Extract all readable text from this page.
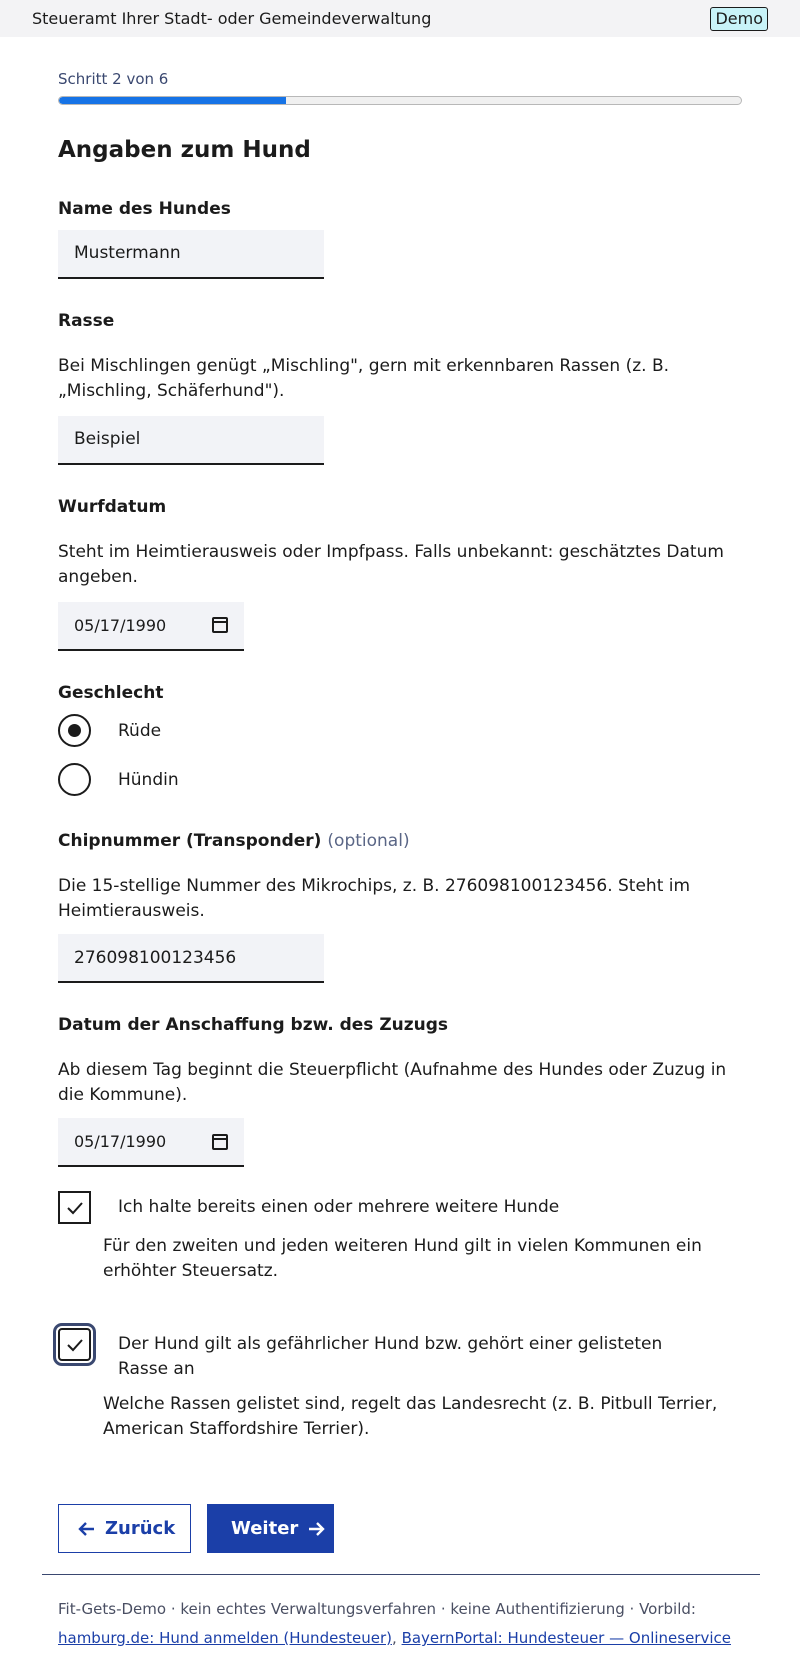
Steueramt Ihrer Stadt- oder Gemeindeverwaltung	Demo
Schritt 2 von 6
Angaben zum Hund
Name des Hundes
Mustermann
Rasse
Bei Mischlingen genügt „Mischling", gern mit erkennbaren Rassen (z. B. „Mischling, Schäferhund").
Beispiel
Wurfdatum
Steht im Heimtierausweis oder Impfpass. Falls unbekannt: geschätztes Datum angeben.
05/17/1990
Geschlecht
Rüde
Hündin
Chipnummer (Transponder) (optional)
Die 15-stellige Nummer des Mikrochips, z. B. 276098100123456. Steht im Heimtierausweis.
276098100123456
Datum der Anschaffung bzw. des Zuzugs
Ab diesem Tag beginnt die Steuerpflicht (Aufnahme des Hundes oder Zuzug in die Kommune).
05/17/1990
Ich halte bereits einen oder mehrere weitere Hunde
Für den zweiten und jeden weiteren Hund gilt in vielen Kommunen ein erhöhter Steuersatz.
Der Hund gilt als gefährlicher Hund bzw. gehört einer gelisteten Rasse an
Welche Rassen gelistet sind, regelt das Landesrecht (z. B. Pitbull Terrier, American Staffordshire Terrier).
Zurück	Weiter
Fit-Gets-Demo · kein echtes Verwaltungsverfahren · keine Authentifizierung · Vorbild:
hamburg.de: Hund anmelden (Hundesteuer), BayernPortal: Hundesteuer — Onlineservice
